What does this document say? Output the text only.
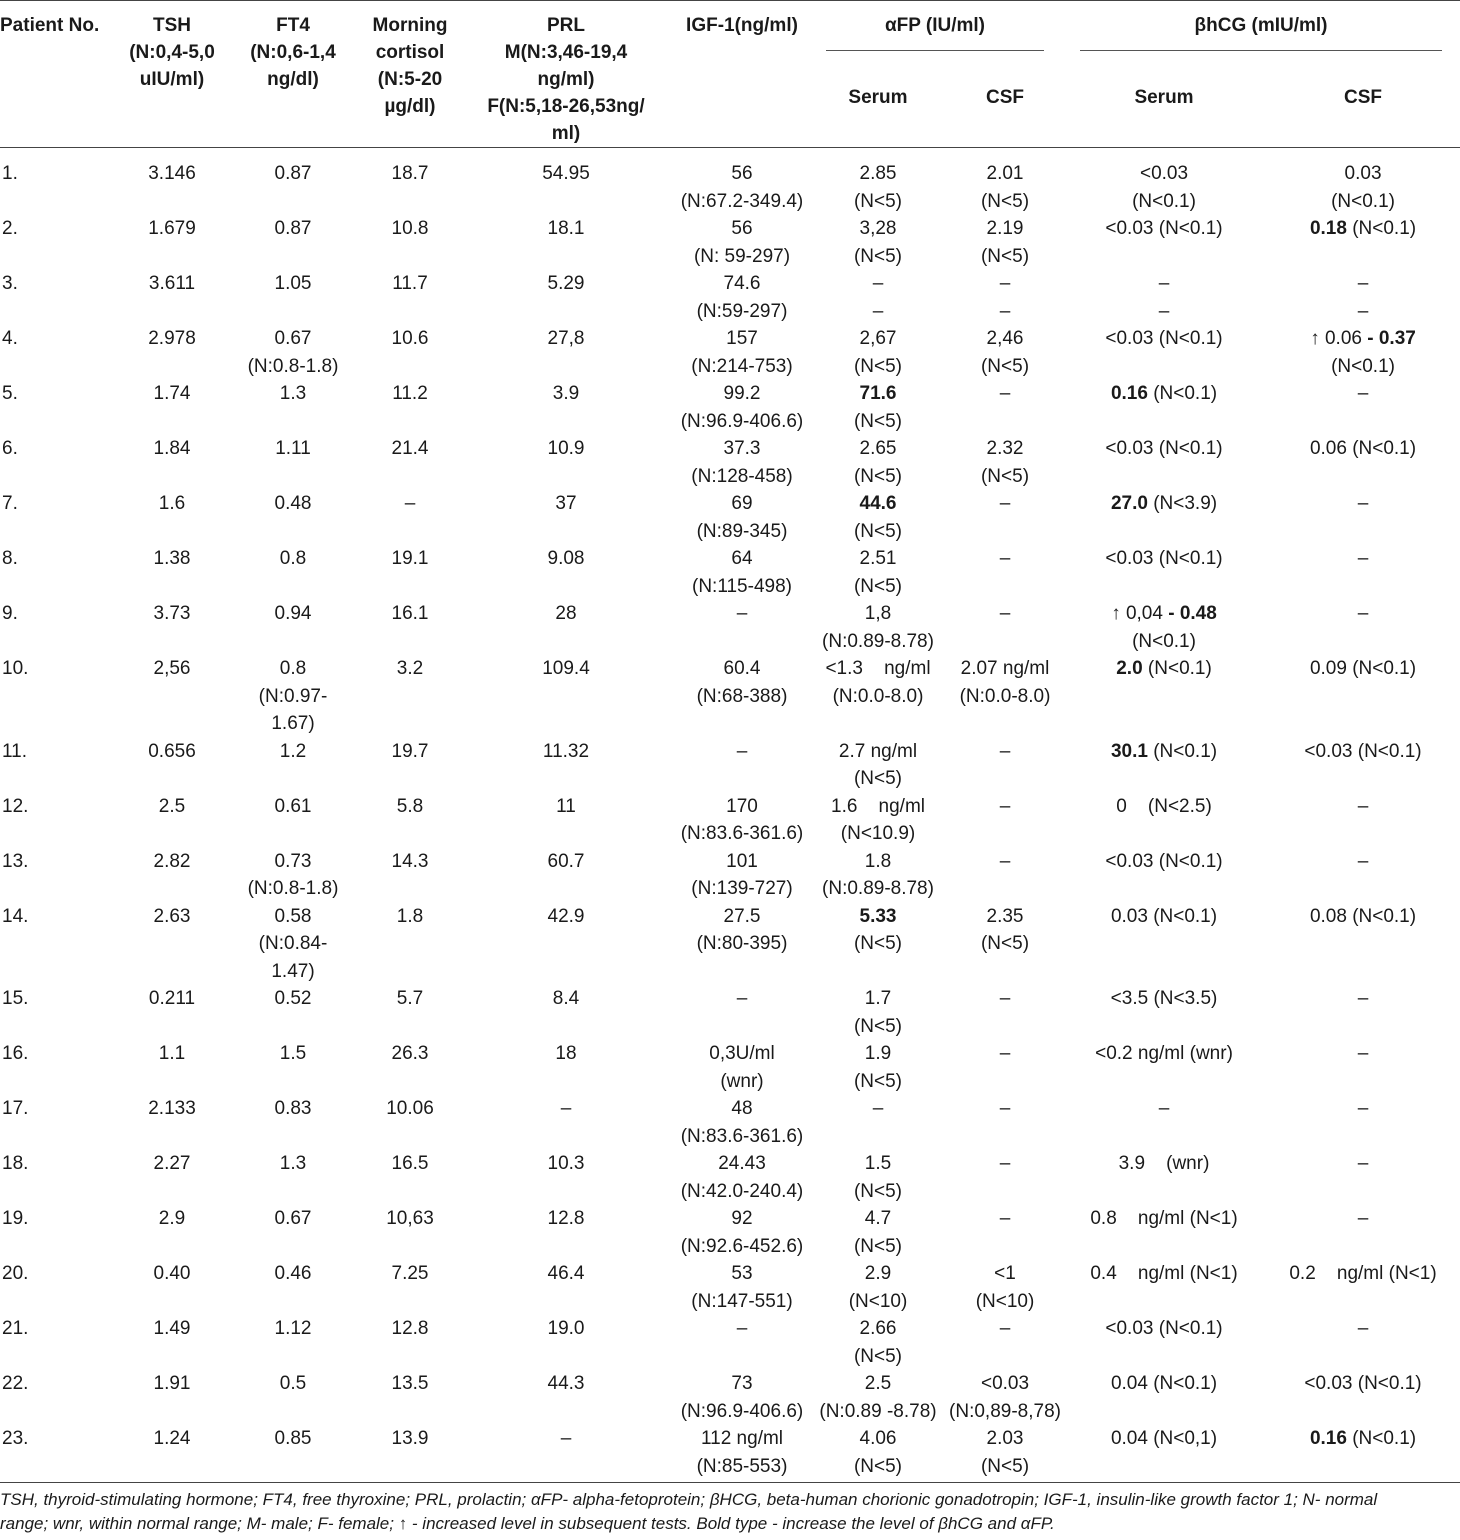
Patient No.	TSH
(N:0,4-5,0
uIU/ml)	FT4
(N:0,6-1,4
ng/dl)	Morning
cortisol
(N:5-20
µg/dl)	PRL
M(N:3,46-19,4
ng/ml)
F(N:5,18-26,53ng/
ml)	IGF-1(ng/ml)	αFP (IU/ml)		βhCG (mIU/ml)	

						Serum	CSF	Serum	CSF
1.	3.146	0.87	18.7	54.95	56
(N:67.2-349.4)	2.85
(N<5)	2.01
(N<5)	<0.03
(N<0.1)	0.03
(N<0.1)

2.	1.679	0.87	10.8	18.1	56
(N: 59-297)	3,28
(N<5)	2.19
(N<5)	<0.03 (N<0.1)	0.18 (N<0.1)

3.	3.611	1.05	11.7	5.29	74.6
(N:59-297)	–
–	–
–	–
–	–
–

4.	2.978	0.67
(N:0.8-1.8)	10.6	27,8	157
(N:214-753)	2,67
(N<5)	2,46
(N<5)	<0.03 (N<0.1)	↑ 0.06 - 0.37
(N<0.1)

5.	1.74	1.3	11.2	3.9	99.2
(N:96.9-406.6)	71.6
(N<5)	–	0.16 (N<0.1)	–

6.	1.84	1.11	21.4	10.9	37.3
(N:128-458)	2.65
(N<5)	2.32
(N<5)	<0.03 (N<0.1)	0.06 (N<0.1)

7.	1.6	0.48	–	37	69
(N:89-345)	44.6
(N<5)	–	27.0 (N<3.9)	–

8.	1.38	0.8	19.1	9.08	64
(N:115-498)	2.51
(N<5)	–	<0.03 (N<0.1)	–

9.	3.73	0.94	16.1	28	–	1,8
(N:0.89-8.78)	–	↑ 0,04 - 0.48
(N<0.1)	–

10.	2,56	0.8
(N:0.97-
1.67)	3.2	109.4	60.4
(N:68-388)	<1.3    ng/ml
(N:0.0-8.0)	2.07 ng/ml
(N:0.0-8.0)	2.0 (N<0.1)	0.09 (N<0.1)

11.	0.656	1.2	19.7	11.32	–	2.7 ng/ml
(N<5)	–	30.1 (N<0.1)	<0.03 (N<0.1)

12.	2.5	0.61	5.8	11	170
(N:83.6-361.6)	1.6    ng/ml
(N<10.9)	–	0    (N<2.5)	–

13.	2.82	0.73
(N:0.8-1.8)	14.3	60.7	101
(N:139-727)	1.8
(N:0.89-8.78)	–	<0.03 (N<0.1)	–

14.	2.63	0.58
(N:0.84-
1.47)	1.8	42.9	27.5
(N:80-395)	5.33
(N<5)	2.35
(N<5)	0.03 (N<0.1)	0.08 (N<0.1)

15.	0.211	0.52	5.7	8.4	–	1.7
(N<5)	–	<3.5 (N<3.5)	–

16.	1.1	1.5	26.3	18	0,3U/ml
(wnr)	1.9
(N<5)	–	<0.2 ng/ml (wnr)	–

17.	2.133	0.83	10.06	–	48
(N:83.6-361.6)	–	–	–	–

18.	2.27	1.3	16.5	10.3	24.43
(N:42.0-240.4)	1.5
(N<5)	–	3.9    (wnr)	–

19.	2.9	0.67	10,63	12.8	92
(N:92.6-452.6)	4.7
(N<5)	–	0.8    ng/ml (N<1)	–

20.	0.40	0.46	7.25	46.4	53
(N:147-551)	2.9
(N<10)	<1
(N<10)	0.4    ng/ml (N<1)	0.2    ng/ml (N<1)

21.	1.49	1.12	12.8	19.0	–	2.66
(N<5)	–	<0.03 (N<0.1)	–

22.	1.91	0.5	13.5	44.3	73
(N:96.9-406.6)	2.5
(N:0.89 -8.78)	<0.03
(N:0,89-8,78)	0.04 (N<0.1)	<0.03 (N<0.1)

23.	1.24	0.85	13.9	–	112 ng/ml
(N:85-553)	4.06
(N<5)	2.03
(N<5)	0.04 (N<0,1)	0.16 (N<0.1)
TSH, thyroid-stimulating hormone; FT4, free thyroxine; PRL, prolactin; αFP- alpha-fetoprotein; βHCG, beta-human chorionic gonadotropin; IGF-1, insulin-like growth factor 1; N- normal
range; wnr, within normal range; M- male; F- female; ↑ - increased level in subsequent tests. Bold type - increase the level of βhCG and αFP.
